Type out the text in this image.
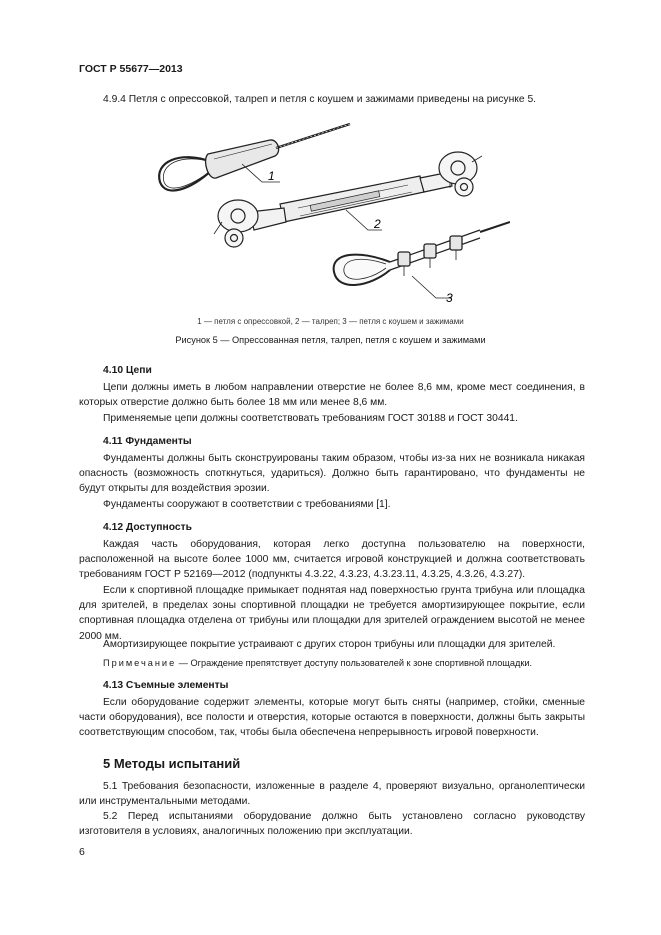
ГОСТ Р 55677—2013
4.9.4 Петля с опрессовкой, талреп и петля с коушем и зажимами приведены на рисунке 5.
1
2
3
1 — петля с опрессовкой, 2 — талреп; 3 — петля с коушем и зажимами
Рисунок 5 — Опрессованная петля, талреп, петля с коушем и зажимами
4.10 Цепи
Цепи должны иметь в любом направлении отверстие не более 8,6 мм, кроме мест соединения, в которых отверстие должно быть более 18 мм или менее 8,6 мм.
Применяемые цепи должны соответствовать требованиям ГОСТ 30188 и ГОСТ 30441.
4.11 Фундаменты
Фундаменты должны быть сконструированы таким образом, чтобы из-за них не возникала никакая опасность (возможность споткнуться, удариться). Должно быть гарантировано, что фундаменты не будут открыты для воздействия эрозии.
Фундаменты сооружают в соответствии с требованиями [1].
4.12 Доступность
Каждая часть оборудования, которая легко доступна пользователю на поверхности, расположенной на высоте более 1000 мм, считается игровой конструкцией и должна соответствовать требованиям ГОСТ Р 52169—2012 (подпункты 4.3.22, 4.3.23, 4.3.23.11, 4.3.25, 4.3.26, 4.3.27).
Если к спортивной площадке примыкает поднятая над поверхностью грунта трибуна или площадка для зрителей, в пределах зоны спортивной площадки не требуется амортизирующее покрытие, если спортивная площадка отделена от трибуны или площадки для зрителей ограждением высотой не менее 2000 мм.
Амортизирующее покрытие устраивают с других сторон трибуны или площадки для зрителей.
Примечание — Ограждение препятствует доступу пользователей к зоне спортивной площадки.
4.13 Съемные элементы
Если оборудование содержит элементы, которые могут быть сняты (например, стойки, сменные части оборудования), все полости и отверстия, которые остаются в поверхности, должны быть закрыты соответствующим способом, так, чтобы была обеспечена непрерывность игровой поверхности.
5 Методы испытаний
5.1 Требования безопасности, изложенные в разделе 4, проверяют визуально, органолептически или инструментальными методами.
5.2 Перед испытаниями оборудование должно быть установлено согласно руководству изготовителя в условиях, аналогичных положению при эксплуатации.
6
